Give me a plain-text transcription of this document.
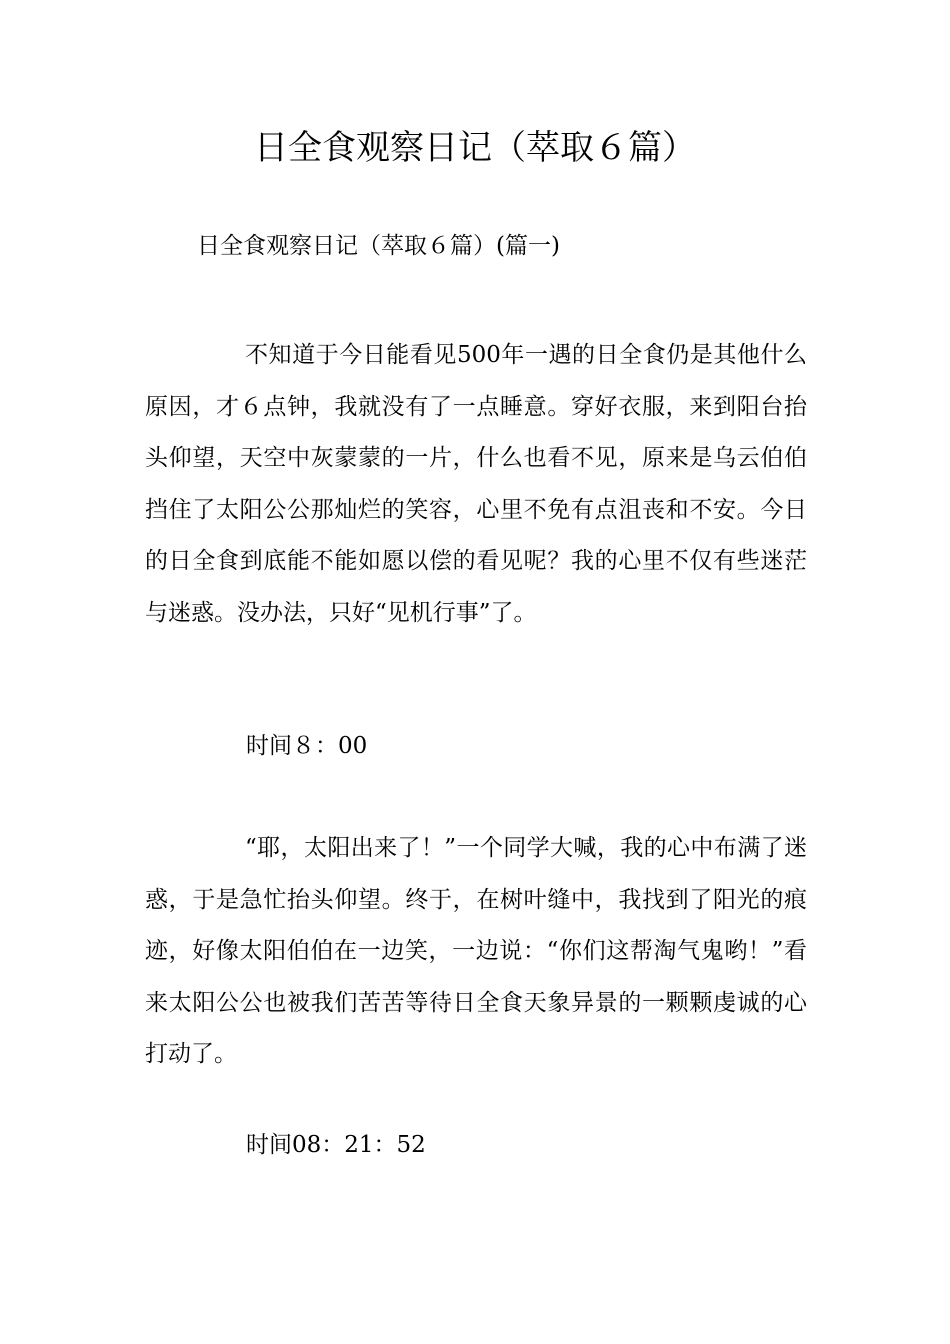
日全食观察日记（萃取６篇）

日全食观察日记（萃取６篇）(篇一)

不知道于今日能看见500年一遇的日全食仍是其他什么原因，才６点钟，我就没有了一点睡意。穿好衣服，来到阳台抬头仰望，天空中灰蒙蒙的一片，什么也看不见，原来是乌云伯伯挡住了太阳公公那灿烂的笑容，心里不免有点沮丧和不安。今日的日全食到底能不能如愿以偿的看见呢？我的心里不仅有些迷茫与迷惑。没办法，只好“见机行事”了。

时间８：00

“耶，太阳出来了！”一个同学大喊，我的心中布满了迷惑，于是急忙抬头仰望。终于，在树叶缝中，我找到了阳光的痕迹，好像太阳伯伯在一边笑，一边说：“你们这帮淘气鬼哟！”看来太阳公公也被我们苦苦等待日全食天象异景的一颗颗虔诚的心打动了。

时间08：21：52
